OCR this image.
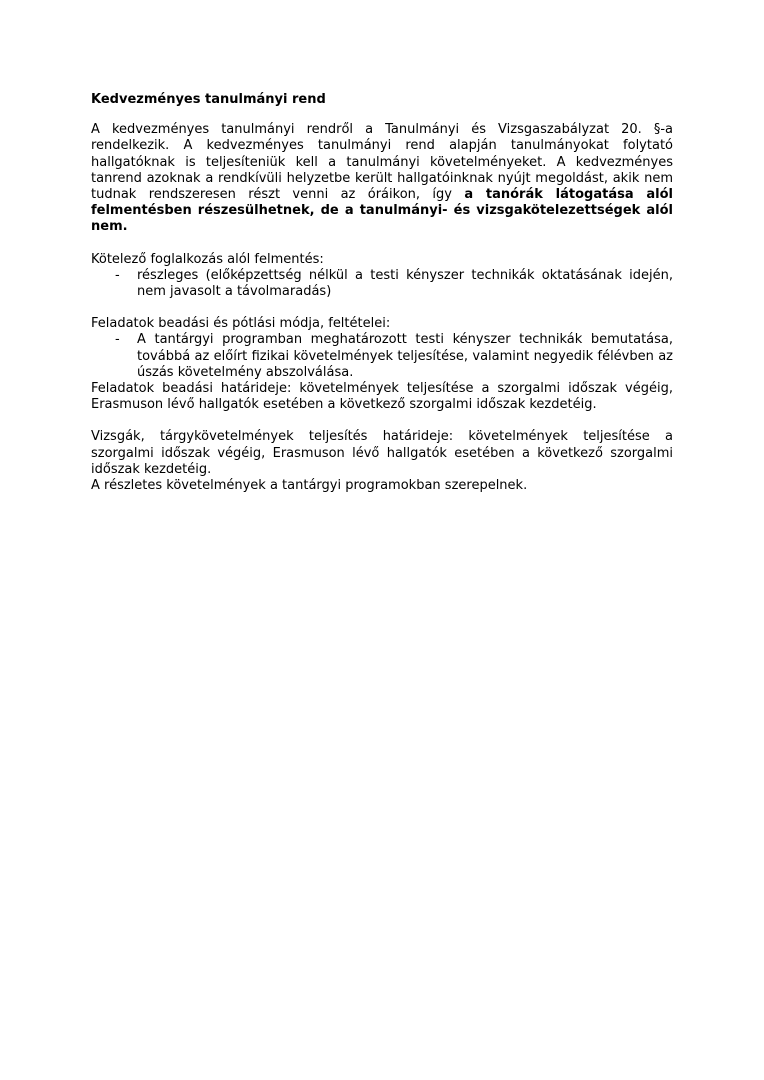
Kedvezményes tanulmányi rend

A kedvezményes tanulmányi rendről a Tanulmányi és Vizsgaszabályzat 20. §-a rendelkezik. A kedvezményes tanulmányi rend alapján tanulmányokat folytató hallgatóknak is teljesíteniük kell a tanulmányi követelményeket. A kedvezményes tanrend azoknak a rendkívüli helyzetbe került hallgatóinknak nyújt megoldást, akik nem tudnak rendszeresen részt venni az óráikon, így a tanórák látogatása alól felmentésben részesülhetnek, de a tanulmányi- és vizsgakötelezettségek alól nem.

Kötelező foglalkozás alól felmentés:

- részleges (előképzettség nélkül a testi kényszer technikák oktatásának idején, nem javasolt a távolmaradás)

Feladatok beadási és pótlási módja, feltételei:

- A tantárgyi programban meghatározott testi kényszer technikák bemutatása, továbbá az előírt fizikai követelmények teljesítése, valamint negyedik félévben az úszás követelmény abszolválása.

Feladatok beadási határideje: követelmények teljesítése a szorgalmi időszak végéig, Erasmuson lévő hallgatók esetében a következő szorgalmi időszak kezdetéig.

Vizsgák, tárgykövetelmények teljesítés határideje: követelmények teljesítése a szorgalmi időszak végéig, Erasmuson lévő hallgatók esetében a következő szorgalmi időszak kezdetéig.

A részletes követelmények a tantárgyi programokban szerepelnek.
